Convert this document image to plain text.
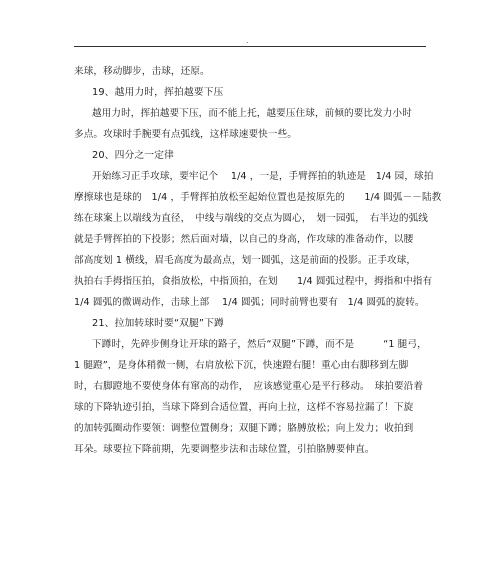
.
来球，移动脚步，击球，还原。
19、越用力时，挥拍越要下压
越用力时，挥拍越要下压，而不能上托，越要压住球，前倾的要比发力小时
多点。攻球时手腕要有点弧线，这样球速要快一些。
20、四分之一定律
开始练习正手攻球，要牢记个　 1/4 ，一是，手臂挥拍的轨迹是　1/4 园，球拍
摩擦球也是球的　1/4 ，手臂挥拍放松至起始位置也是按原先的　　1/4 圆弧－－陆教
练在球案上以端线为直径，　中线与端线的交点为圆心，　划一园弧，　右半边的弧线
就是手臂挥拍的下投影；然后面对墙，以自己的身高，作攻球的准备动作，以腰
部高度划 1 横线，眉毛高度为最高点，划一圆弧，这是前面的投影。正手攻球，
执拍右手拇指压拍，食指放松，中指顶拍，在划　　1/4 圆弧过程中，拇指和中指有
1/4 圆弧的微调动作，击球上部　 1/4 圆弧；同时前臂也要有　1/4 圆弧的旋转。
21、拉加转球时要“双腿”下蹲
下蹲时，先碎步侧身让开球的路子，然后“双腿”下蹲，而不是　　　“1 腿弓，
1 腿蹬”，是身体稍微一侧，右肩放松下沉，快速蹬右腿！重心由右脚移到左脚
时，右脚蹬地不要使身体有窜高的动作，　应该感觉重心是平行移动。　球拍要沿着
球的下降轨迹引拍，当球下降到合适位置，再向上拉，这样不容易拉漏了！下旋
的加转弧圈动作要领：调整位置侧身；双腿下蹲；胳膊放松；向上发力；收拍到
耳朵。球要拉下降前期，先要调整步法和击球位置，引拍胳膊要伸直。
